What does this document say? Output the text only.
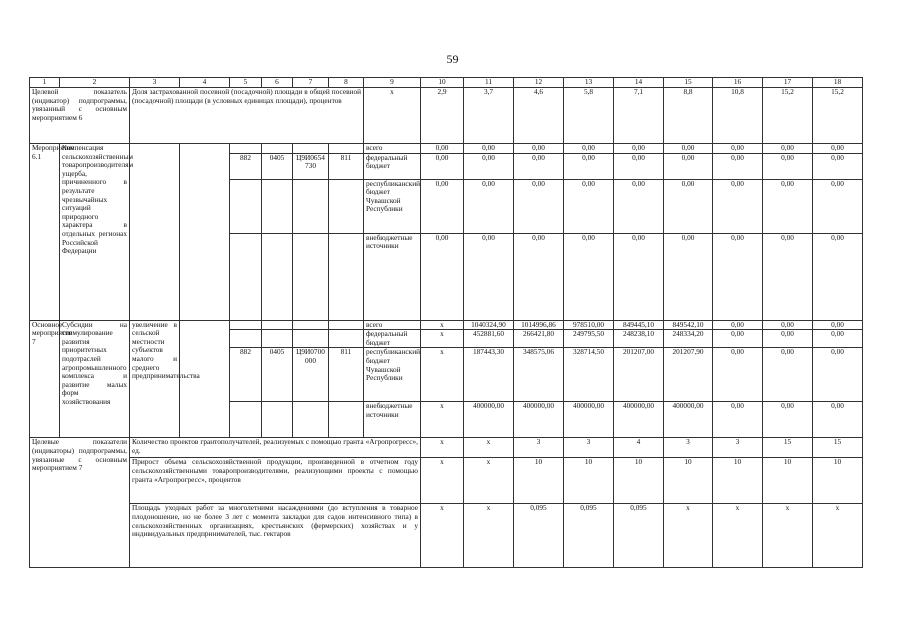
59
1	2	3	4	5	6	7	8	9	10	11	12	13	14	15	16	17	18
Целевой показатель (индикатор) подпрограммы, увязанный с основным мероприятием 6		Доля застрахованной посевной (посадочной) площади в общей посевной (посадочной) площади (в условных единицах площади), процентов						х	2,9	3,7	4,6	5,8	7,1	8,8	10,8	15,2	15,2
Мероприятие 6.1	Компенсация сельскохозяйственным товаропроизводителям ущерба, причиненного в результате чрезвычайных ситуаций природного характера в отдельных регионах Российской Федерации							всего	0,00	0,00	0,00	0,00	0,00	0,00	0,00	0,00	0,00
				882	0405	Ц9И0654730	811	федеральный бюджет	0,00	0,00	0,00	0,00	0,00	0,00	0,00	0,00	0,00
								республиканский бюджет Чувашской Республики	0,00	0,00	0,00	0,00	0,00	0,00	0,00	0,00	0,00
								внебюджетные источники	0,00	0,00	0,00	0,00	0,00	0,00	0,00	0,00	0,00
Основное мероприятие 7	Субсидии на стимулирование развития приоритетных подотраслей агропромышленного комплекса и развитие малых форм хозяйствования	увеличение в сельской местности субъектов малого и среднего предпринимательства						всего	х	1040324,90	1014996,86	978510,00	849445,10	849542,10	0,00	0,00	0,00
								федеральный бюджет	х	452881,60	266421,80	249795,50	248238,10	248334,20	0,00	0,00	0,00
				882	0405	Ц9И0700000	811	республиканский бюджет Чувашской Республики	х	187443,30	348575,06	328714,50	201207,00	201207,90	0,00	0,00	0,00
								внебюджетные источники	х	400000,00	400000,00	400000,00	400000,00	400000,00	0,00	0,00	0,00
Целевые показатели (индикаторы) подпрограммы, увязанные с основным мероприятием 7		Количество проектов грантополучателей, реализуемых с помощью гранта «Агропрогресс», ед.							х	х	3	3	4	3	3	15	15
		Прирост объема сельскохозяйственной продукции, произведенной в отчетном году сельскохозяйственными товаропроизводителями, реализующими проекты с помощью гранта «Агропрогресс», процентов							х	х	10	10	10	10	10	10	10
		Площадь уходных работ за многолетними насаждениями (до вступления в товарное плодоношение, но не более 3 лет с момента закладки для садов интенсивного типа) в сельскохозяйственных организациях, крестьянских (фермерских) хозяйствах и у индивидуальных предпринимателей, тыс. гектаров							х	х	0,095	0,095	0,095	х	х	х	х
